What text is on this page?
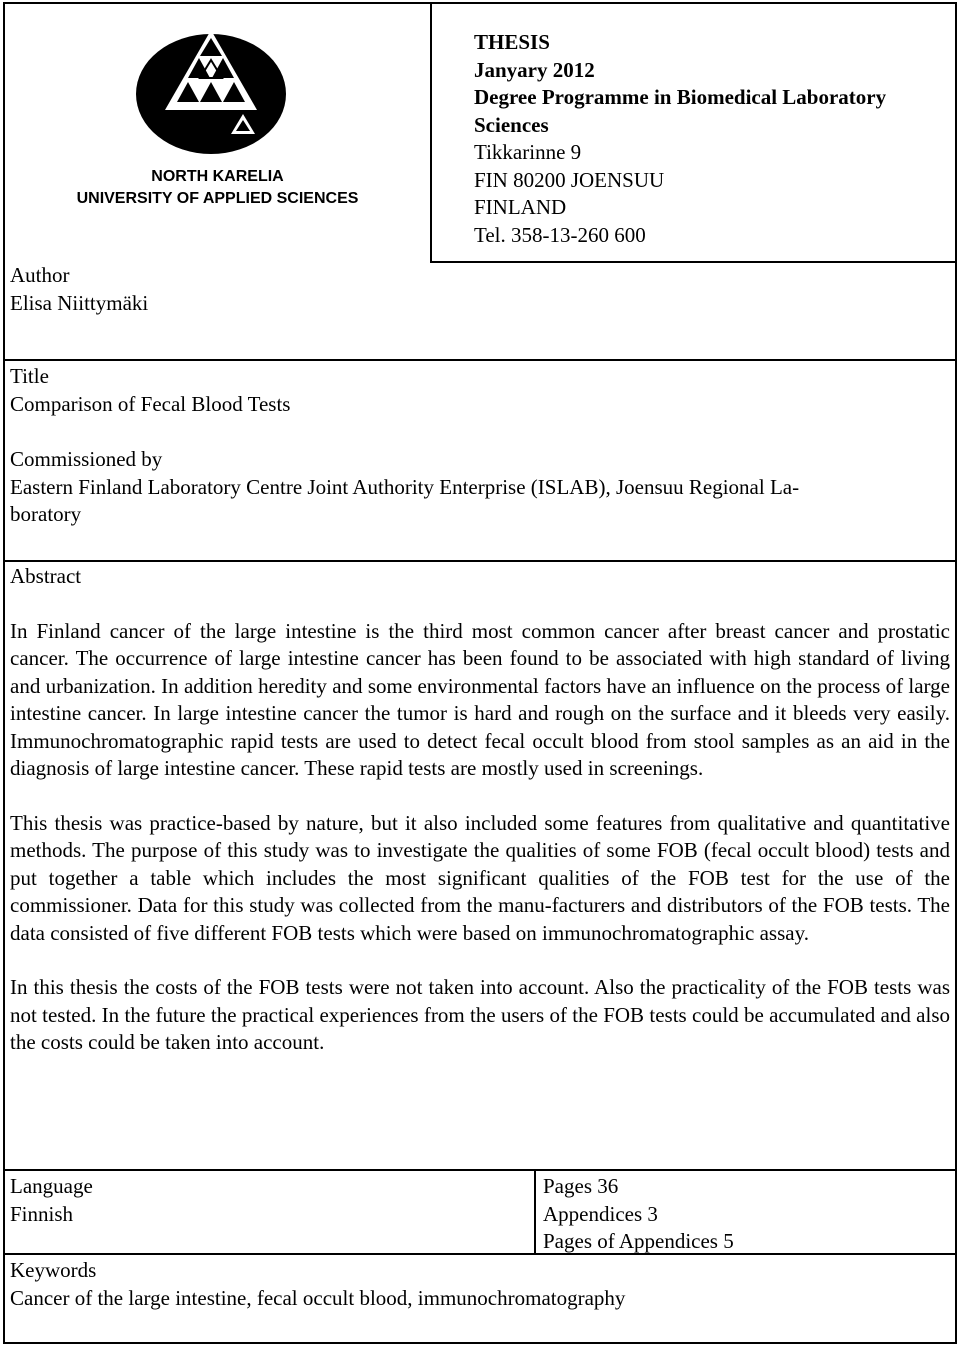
NORTH KARELIA
UNIVERSITY OF APPLIED SCIENCES
THESIS
Janyary 2012
Degree Programme in Biomedical Laboratory
Sciences
Tikkarinne 9
FIN 80200 JOENSUU
FINLAND
Tel. 358-13-260 600
Author
Elisa Niittymäki
Title
Comparison of Fecal Blood Tests
Commissioned by
Eastern Finland Laboratory Centre Joint Authority Enterprise (ISLAB), Joensuu Regional La-
boratory
Abstract
In Finland cancer of the large intestine is the third most common cancer after breast cancer and prostatic cancer. The occurrence of large intestine cancer has been found to be associated with high standard of living and urbanization. In addition heredity and some environmental factors have an influence on the process of large intestine cancer. In large intestine cancer the tumor is hard and rough on the surface and it bleeds very easily. Immunochromatographic rapid tests are used to detect fecal occult blood from stool samples as an aid in the diagnosis of large intestine cancer. These rapid tests are mostly used in screenings.
This thesis was practice-based by nature, but it also included some features from qualitative and quantitative methods. The purpose of this study was to investigate the qualities of some FOB (fecal occult blood) tests and put together a table which includes the most significant qualities of the FOB test for the use of the commissioner. Data for this study was collected from the manu-facturers and distributors of the FOB tests. The data consisted of five different FOB tests which were based on immunochromatographic assay.
In this thesis the costs of the FOB tests were not taken into account. Also the practicality of the FOB tests was not tested. In the future the practical experiences from the users of the FOB tests could be accumulated and also the costs could be taken into account.
Language
Finnish
Pages 36
Appendices 3
Pages of Appendices 5
Keywords
Cancer of the large intestine, fecal occult blood, immunochromatography
